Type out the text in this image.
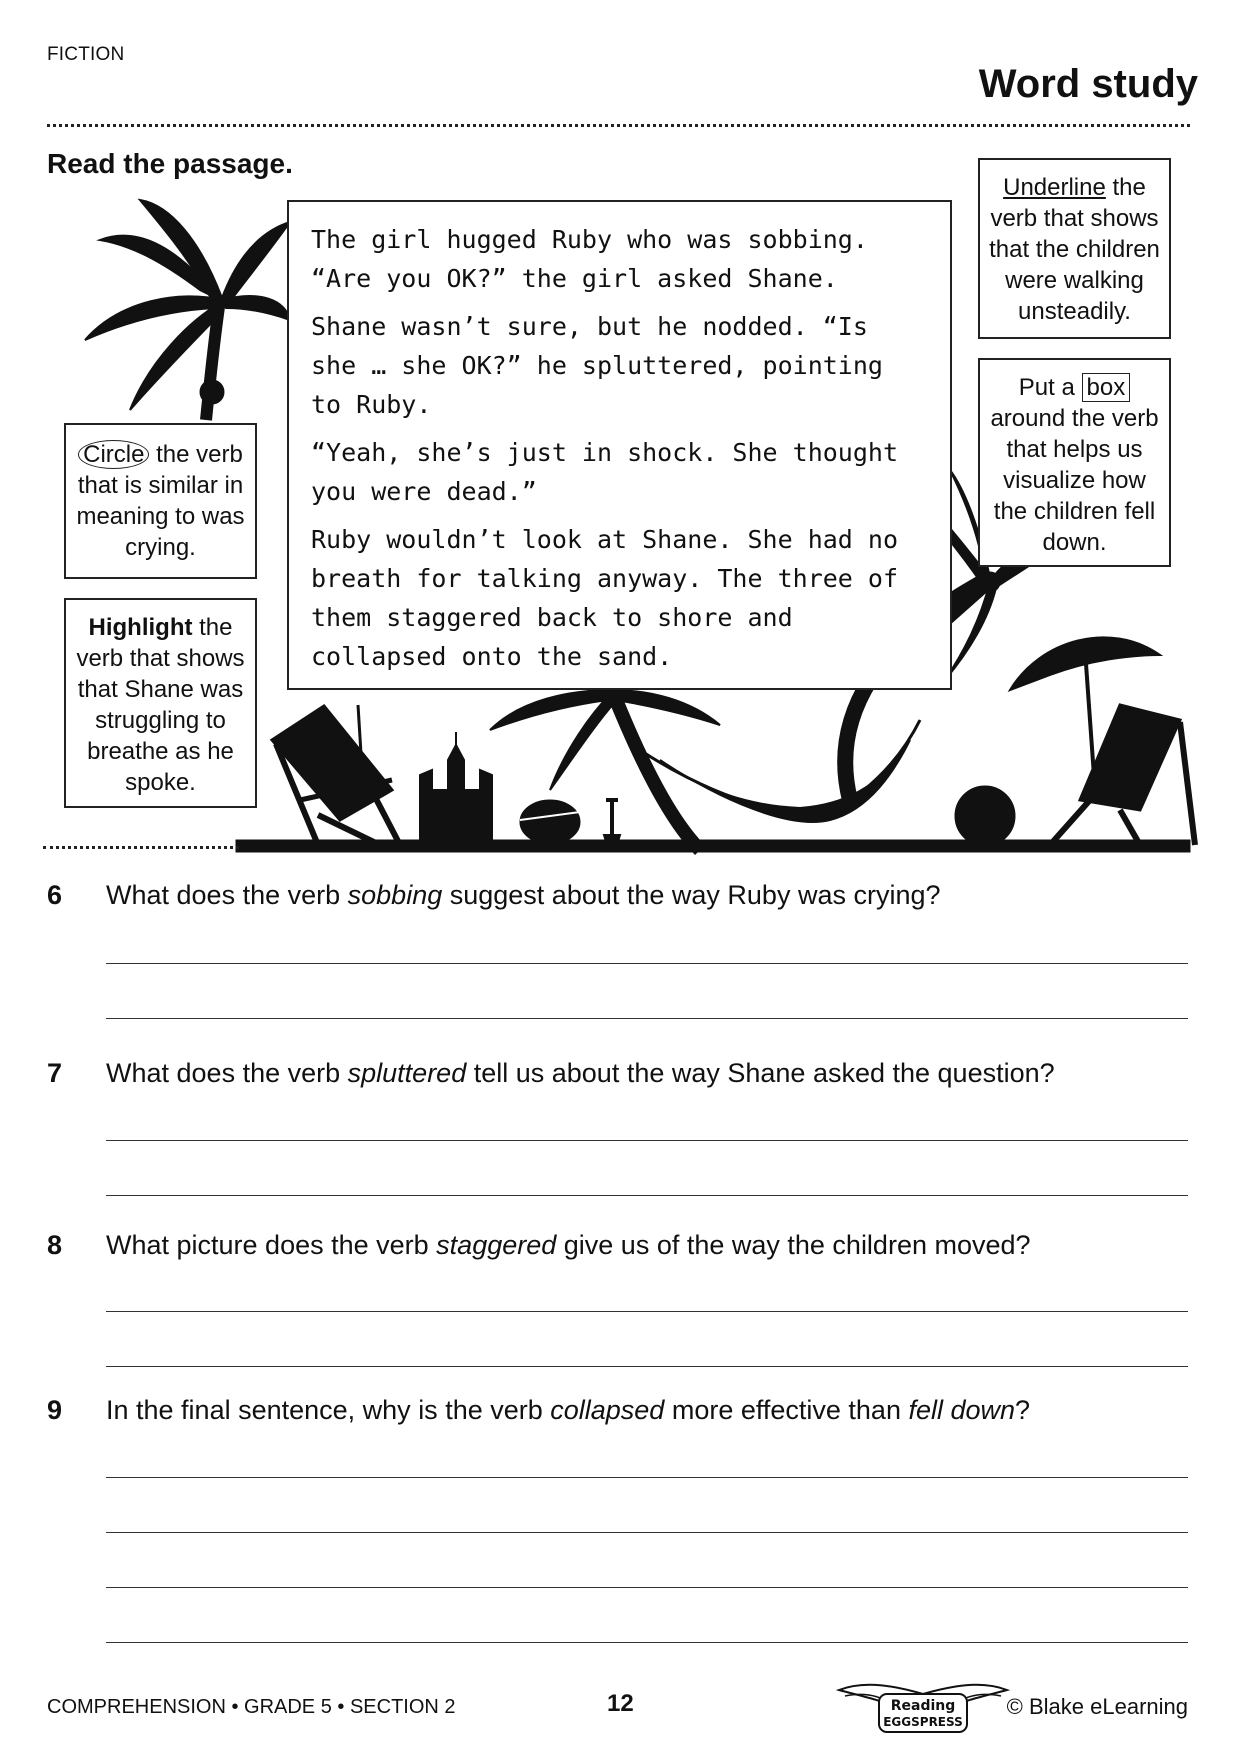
FICTION
Word study
Read the passage.

The girl hugged Ruby who was sobbing. “Are you OK?” the girl asked Shane.

Shane wasn’t sure, but he nodded. “Is she … she OK?” he spluttered, pointing to Ruby.

“Yeah, she’s just in shock. She thought you were dead.”

Ruby wouldn’t look at Shane. She had no breath for talking anyway. The three of them staggered back to shore and collapsed onto the sand.

Circle the verb that is similar in meaning to was crying.
Highlight the verb that shows that Shane was struggling to breathe as he spoke.
Underline the verb that shows that the children were walking unsteadily.
Put a box around the verb that helps us visualize how the children fell down.
6 What does the verb sobbing suggest about the way Ruby was crying?
7 What does the verb spluttered tell us about the way Shane asked the question?
8 What picture does the verb staggered give us of the way the children moved?
9 In the final sentence, why is the verb collapsed more effective than fell down?
COMPREHENSION • GRADE 5 • SECTION 2	12	Reading
EGGSPRESS
© Blake eLearning
